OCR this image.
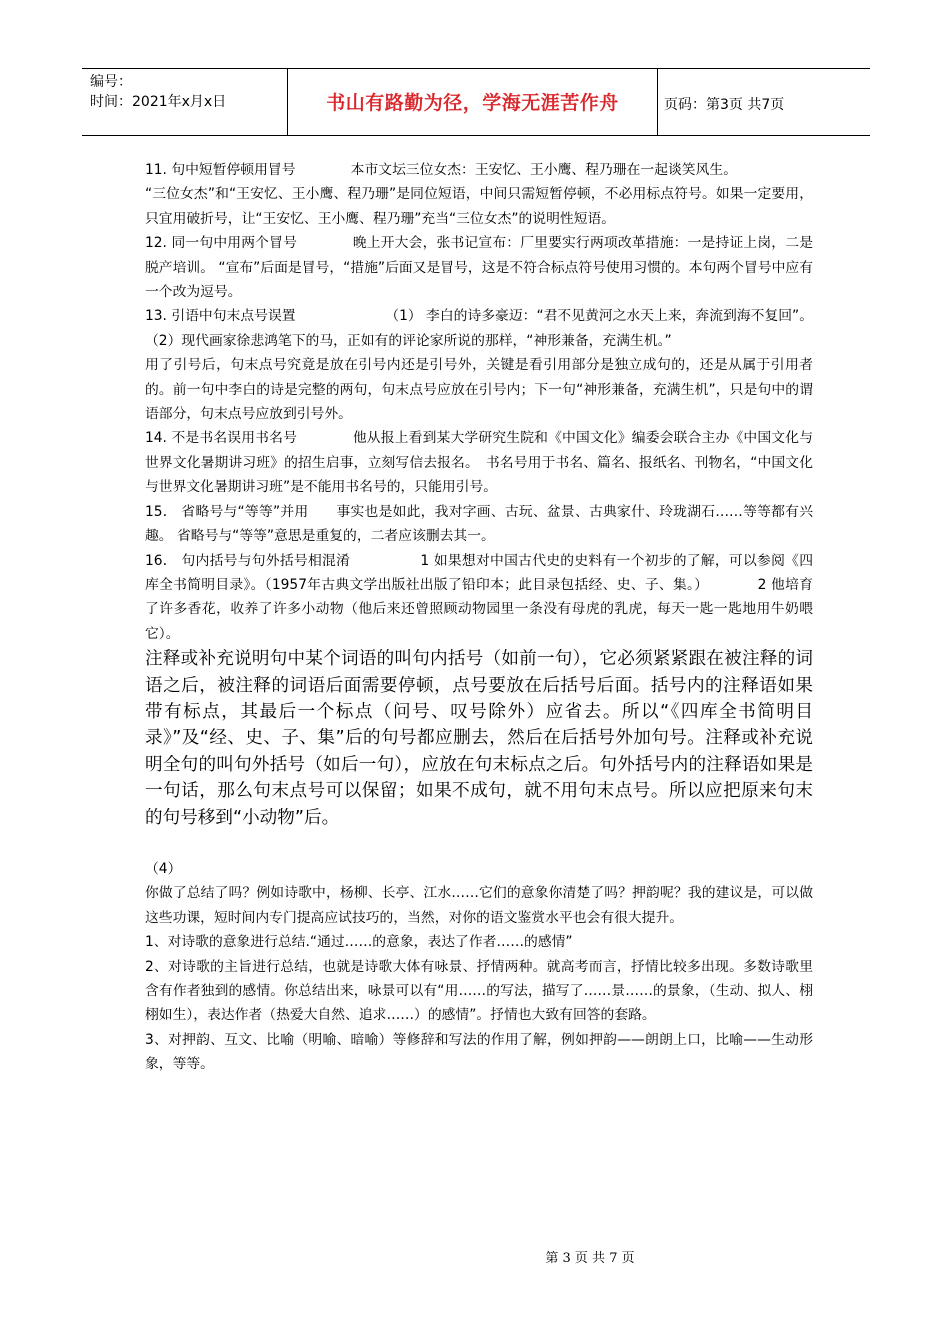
编号：
时间：2021年x月x日	书山有路勤为径，学海无涯苦作舟	页码：第3页 共7页

11. 句中短暂停顿用冒号　　　　本市文坛三位女杰：王安忆、王小鹰、程乃珊在一起谈笑风生。

“三位女杰”和“王安忆、王小鹰、程乃珊”是同位短语，中间只需短暂停顿，不必用标点符号。如果一定要用，只宜用破折号，让“王安忆、王小鹰、程乃珊”充当“三位女杰”的说明性短语。

12. 同一句中用两个冒号　　　　晚上开大会，张书记宣布：厂里要实行两项改革措施：一是持证上岗，二是脱产培训。 “宣布”后面是冒号，“措施”后面又是冒号，这是不符合标点符号使用习惯的。本句两个冒号中应有一个改为逗号。

13. 引语中句末点号误置　　　　　　　（1） 李白的诗多豪迈：“君不见黄河之水天上来，奔流到海不复回”。 （2）现代画家徐悲鸿笔下的马，正如有的评论家所说的那样，“神形兼备，充满生机。”

用了引号后，句末点号究竟是放在引号内还是引号外，关键是看引用部分是独立成句的，还是从属于引用者的。前一句中李白的诗是完整的两句，句末点号应放在引号内；下一句“神形兼备，充满生机”，只是句中的谓语部分，句末点号应放到引号外。

14. 不是书名误用书名号　　　　他从报上看到某大学研究生院和《中国文化》编委会联合主办《中国文化与世界文化暑期讲习班》的招生启事，立刻写信去报名。　书名号用于书名、篇名、报纸名、刊物名，“中国文化与世界文化暑期讲习班”是不能用书名号的，只能用引号。

15． 省略号与“等等”并用　　事实也是如此，我对字画、古玩、盆景、古典家什、玲珑湖石……等等都有兴趣。 省略号与“等等”意思是重复的，二者应该删去其一。

16． 句内括号与句外括号相混淆　　　　　1 如果想对中国古代史的史料有一个初步的了解，可以参阅《四库全书简明目录》。（1957年古典文学出版社出版了铅印本；此目录包括经、史、子、集。）　　　　2 他培育了许多香花，收养了许多小动物（他后来还曾照顾动物园里一条没有母虎的乳虎，每天一匙一匙地用牛奶喂它）。

注释或补充说明句中某个词语的叫句内括号（如前一句），它必须紧紧跟在被注释的词语之后，被注释的词语后面需要停顿，点号要放在后括号后面。括号内的注释语如果带有标点，其最后一个标点（问号、叹号除外）应省去。所以“《四库全书简明目录》”及“经、史、子、集”后的句号都应删去，然后在后括号外加句号。注释或补充说明全句的叫句外括号（如后一句），应放在句末标点之后。句外括号内的注释语如果是一句话，那么句末点号可以保留；如果不成句，就不用句末点号。所以应把原来句末的句号移到“小动物”后。

（4）

你做了总结了吗？例如诗歌中，杨柳、长亭、江水……它们的意象你清楚了吗？押韵呢？我的建议是，可以做这些功课，短时间内专门提高应试技巧的，当然，对你的语文鉴赏水平也会有很大提升。

1、对诗歌的意象进行总结.“通过……的意象，表达了作者……的感情”

2、对诗歌的主旨进行总结，也就是诗歌大体有咏景、抒情两种。就高考而言，抒情比较多出现。多数诗歌里含有作者独到的感情。你总结出来，咏景可以有“用……的写法，描写了……景……的景象，（生动、拟人、栩栩如生），表达作者（热爱大自然、追求……）的感情”。抒情也大致有回答的套路。

3、对押韵、互文、比喻（明喻、暗喻）等修辞和写法的作用了解，例如押韵——朗朗上口，比喻——生动形象，等等。

第 3 页 共 7 页
